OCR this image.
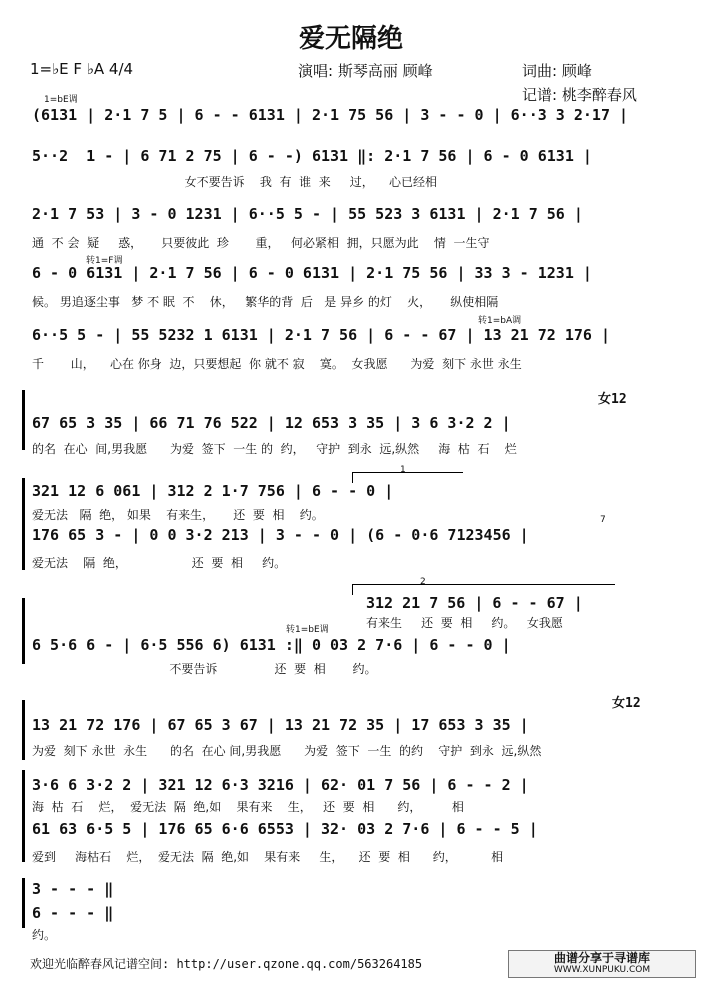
爱无隔绝
1=♭E F ♭A 4/4	演唱: 斯琴高丽 顾峰	词曲: 顾峰
记谱: 桃李醉春风
1=bE调
(6131 | 2·1 7 5 | 6 - - 6131 | 2·1 75 56 | 3 - - 0 | 6··3 3 2·17 |
5··2  1 - | 6 71 2 75 | 6 - -) 6131 ‖: 2·1 7 56 | 6 - 0 6131 |
女不要告诉    我  有  谁  来     过，    心已经相
2·1 7 53 | 3 - 0 1231 | 6··5 5 - | 55 523 3 6131 | 2·1 7 56 |
通  不 会  疑     惑，     只要彼此  珍       重，   何必紧相  拥，只愿为此    情  一生守
转1=F调
6 - 0 6131 | 2·1 7 56 | 6 - 0 6131 | 2·1 75 56 | 33 3 - 1231 |
候。 男追逐尘事   梦 不 眠  不    休，   繁华的背  后   是 异乡 的灯    火，     纵使相隔
转1=bA调
6··5 5 - | 55 5232 1 6131 | 2·1 7 56 | 6 - - 67 | 13 21 72 176 |
千       山，    心在 你身  边，只要想起  你 就不 寂    寞。  女我愿      为爱  刻下 永世 永生
女12
67 65 3 35 | 66 71 76 522 | 12 653 3 35 | 3 6 3·2 2 |
的名  在心  间,男我愿      为爱  签下  一生 的  约，   守护  到永  远,纵然     海  枯  石    烂
1
321 12 6 061 | 312 2 1·7 756 | 6 - - 0 |
爱无法   隔  绝， 如果    有来生，     还  要  相    约。	7
176 65 3 - | 0 0 3·2 213 | 3 - - 0 | (6 - 0·6 7123456 |
爱无法    隔  绝，                 还  要  相     约。
2
312 21 7 56 | 6 - - 67 |
有来生     还  要  相     约。   女我愿
转1=bE调
6 5·6 6 - | 6·5 556 6) 6131 :‖ 0 03 2 7·6 | 6 - - 0 |
不要告诉               还  要  相       约。
女12
13 21 72 176 | 67 65 3 67 | 13 21 72 35 | 17 653 3 35 |
为爱  刻下 永世  永生      的名  在心 间,男我愿      为爱  签下  一生  的约    守护  到永  远,纵然
3·6 6 3·2 2 | 321 12 6·3 3216 | 62· 01 7 56 | 6 - - 2 |
海  枯  石    烂，  爱无法  隔  绝,如    果有来    生，   还  要  相      约，        相
61 63 6·5 5 | 176 65 6·6 6553 | 32· 03 2 7·6 | 6 - - 5 |
爱到     海枯石    烂，  爱无法  隔  绝,如    果有来     生，    还  要  相      约，         相
3 - - - ‖
6 - - - ‖
约。
欢迎光临醉春风记谱空间: http://user.qzone.qq.com/563264185	曲谱分享于寻谱库
WWW.XUNPUKU.COM
